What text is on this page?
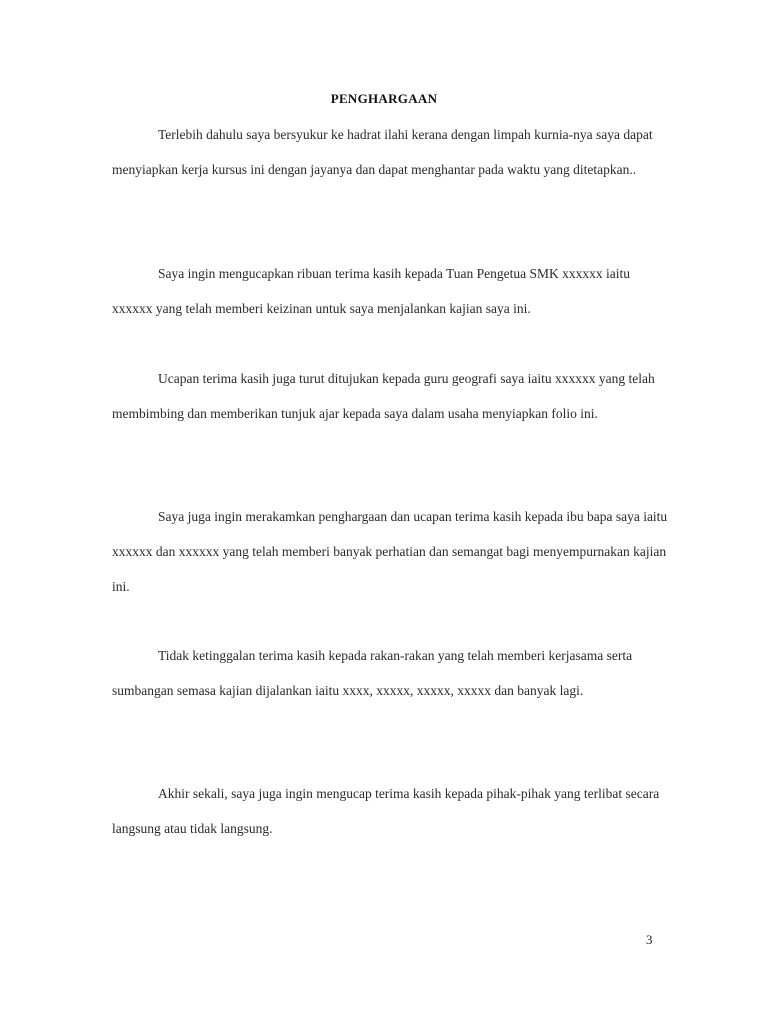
PENGHARGAAN

Terlebih dahulu saya bersyukur ke hadrat ilahi kerana dengan limpah kurnia-nya saya dapat menyiapkan kerja kursus ini dengan jayanya dan dapat menghantar pada waktu yang ditetapkan..

Saya ingin mengucapkan ribuan terima kasih kepada Tuan Pengetua SMK xxxxxx iaitu xxxxxx yang telah memberi keizinan untuk saya menjalankan kajian saya ini.

Ucapan terima kasih juga turut ditujukan kepada guru geografi saya iaitu xxxxxx yang telah membimbing dan memberikan tunjuk ajar kepada saya dalam usaha menyiapkan folio ini.

Saya juga ingin merakamkan penghargaan dan ucapan terima kasih kepada ibu bapa saya iaitu xxxxxx dan xxxxxx yang telah memberi banyak perhatian dan semangat bagi menyempurnakan kajian ini.

Tidak ketinggalan terima kasih kepada rakan-rakan yang telah memberi kerjasama serta sumbangan semasa kajian dijalankan iaitu xxxx, xxxxx, xxxxx, xxxxx dan banyak lagi.

Akhir sekali, saya juga ingin mengucap terima kasih kepada pihak-pihak yang terlibat secara langsung atau tidak langsung.

3
